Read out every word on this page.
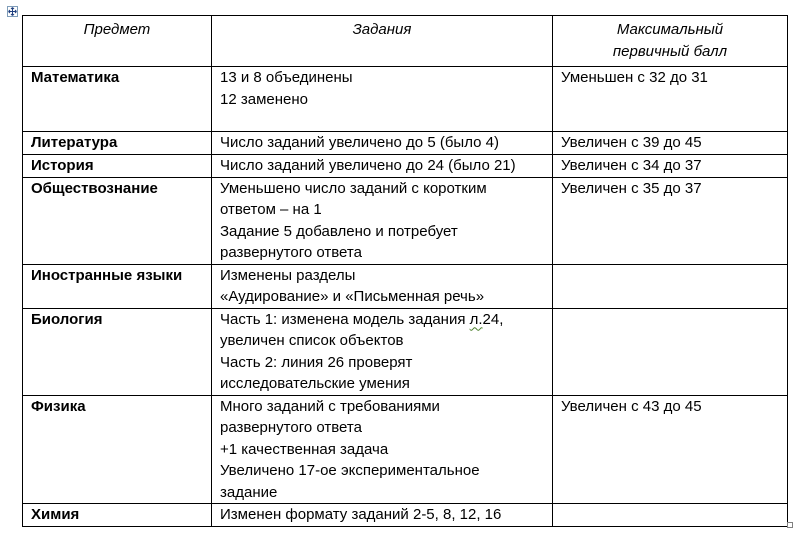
Предмет	Задания	Максимальный
первичный балл

Математика	13 и 8 объединены
12 заменено	Уменьшен с 32 до 31

Литература	Число заданий увеличено до 5 (было 4)	Увеличен с 39 до 45

История	Число заданий увеличено до 24 (было 21)	Увеличен с 34 до 37

Обществознание	Уменьшено число заданий с коротким
ответом – на 1
Задание 5 добавлено и потребует
развернутого ответа	Увеличен с 35 до 37

Иностранные языки	Изменены разделы
«Аудирование» и «Письменная речь»	

Биология	Часть 1: изменена модель задания л.24,
увеличен список объектов
Часть 2: линия 26 проверят
исследовательские умения	

Физика	Много заданий с требованиями
развернутого ответа
+1 качественная задача
Увеличено 17-ое экспериментальное
задание	Увеличен с 43 до 45

Химия	Изменен формату заданий 2-5, 8, 12, 16	
